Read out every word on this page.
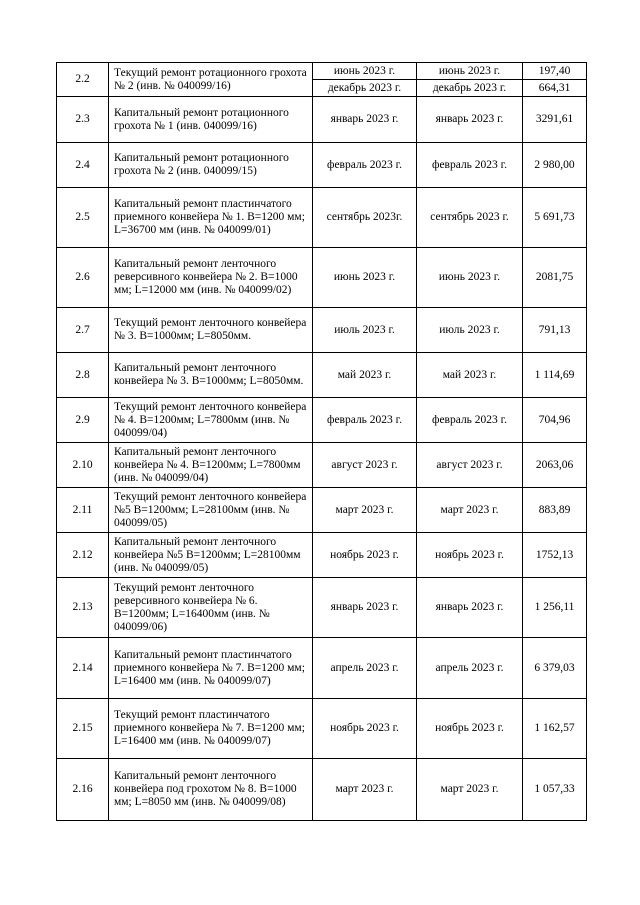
2.2	Текущий ремонт ротационного грохота № 2 (инв. № 040099/16)	июнь 2023 г.	июнь 2023 г.	197,40
		декабрь 2023 г.	декабрь 2023 г.	664,31
2.3	Капитальный ремонт ротационного грохота № 1 (инв. 040099/16)	январь 2023 г.	январь 2023 г.	3291,61
2.4	Капитальный ремонт ротационного грохота № 2 (инв. 040099/15)	февраль 2023 г.	февраль 2023 г.	2 980,00
2.5	Капитальный ремонт пластинчатого приемного конвейера № 1. В=1200 мм; L=36700 мм (инв. № 040099/01)	сентябрь 2023г.	сентябрь 2023 г.	5 691,73
2.6	Капитальный ремонт ленточного реверсивного конвейера № 2. В=1000 мм; L=12000 мм (инв. № 040099/02)	июнь 2023 г.	июнь 2023 г.	2081,75
2.7	Текущий ремонт ленточного конвейера № 3. В=1000мм; L=8050мм.	июль 2023 г.	июль 2023 г.	791,13
2.8	Капитальный ремонт ленточного конвейера № 3. В=1000мм; L=8050мм.	май 2023 г.	май 2023 г.	1 114,69
2.9	Текущий ремонт ленточного конвейера № 4. В=1200мм; L=7800мм (инв. № 040099/04)	февраль 2023 г.	февраль 2023 г.	704,96
2.10	Капитальный ремонт ленточного конвейера № 4. В=1200мм; L=7800мм (инв. № 040099/04)	август 2023 г.	август 2023 г.	2063,06
2.11	Текущий ремонт ленточного конвейера №5 В=1200мм; L=28100мм (инв. № 040099/05)	март 2023 г.	март 2023 г.	883,89
2.12	Капитальный ремонт ленточного конвейера №5 В=1200мм; L=28100мм (инв. № 040099/05)	ноябрь 2023 г.	ноябрь 2023 г.	1752,13
2.13	Текущий ремонт ленточного реверсивного конвейера № 6. В=1200мм; L=16400мм (инв. № 040099/06)	январь 2023 г.	январь 2023 г.	1 256,11
2.14	Капитальный ремонт пластинчатого приемного конвейера № 7. В=1200 мм; L=16400 мм (инв. № 040099/07)	апрель 2023 г.	апрель 2023 г.	6 379,03
2.15	Текущий ремонт пластинчатого приемного конвейера № 7. В=1200 мм; L=16400 мм (инв. № 040099/07)	ноябрь 2023 г.	ноябрь 2023 г.	1 162,57
2.16	Капитальный ремонт ленточного конвейера под грохотом № 8. В=1000 мм; L=8050 мм (инв. № 040099/08)	март 2023 г.	март 2023 г.	1 057,33
